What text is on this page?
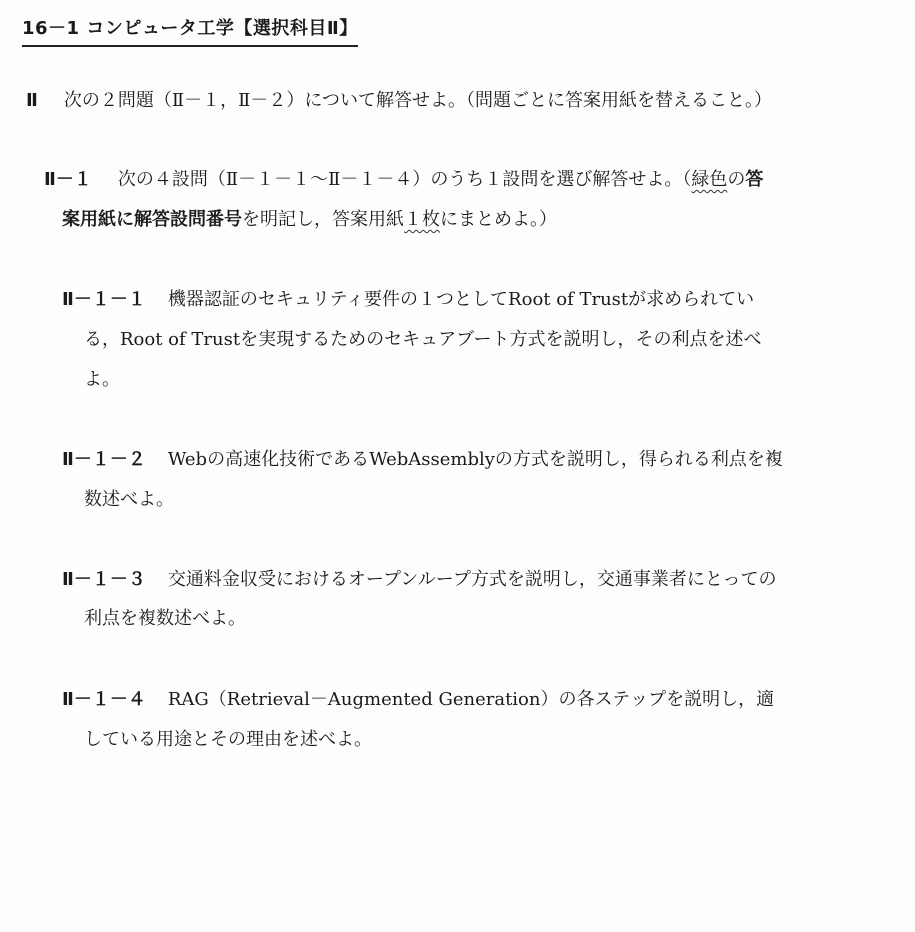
16－1 コンピュータ工学【選択科目Ⅱ】
Ⅱ 次の２問題（Ⅱ－１，Ⅱ－２）について解答せよ。（問題ごとに答案用紙を替えること。）
Ⅱ－１ 次の４設問（Ⅱ－１－１～Ⅱ－１－４）のうち１設問を選び解答せよ。（緑色の答
案用紙に解答設問番号を明記し，答案用紙１枚にまとめよ。）
Ⅱ－１－１ 機器認証のセキュリティ要件の１つとしてRoot of Trustが求められてい
る，Root of Trustを実現するためのセキュアブート方式を説明し，その利点を述べ
よ。
Ⅱ－１－２ Webの高速化技術であるWebAssemblyの方式を説明し，得られる利点を複
数述べよ。
Ⅱ－１－３ 交通料金収受におけるオープンループ方式を説明し，交通事業者にとっての
利点を複数述べよ。
Ⅱ－１－４ RAG（Retrieval－Augmented Generation）の各ステップを説明し，適
している用途とその理由を述べよ。
